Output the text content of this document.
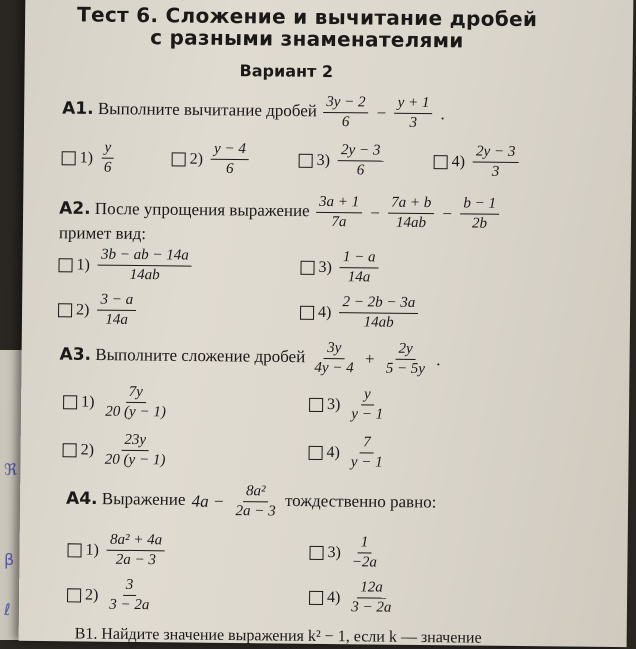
ℜ
β
ℓ
Тест 6. Сложение и вычитание дробей
с разными знаменателями
Вариант 2
А1. Выполните вычитание дробей $\frac{3y - 2}{6} - \frac{y + 1}{3}$ .
$1) \frac{y}{6}$	$2) \frac{y - 4}{6}$	$3) \frac{2y - 3}{6}$	$4) \frac{2y - 3}{3}$
А2. После упрощения выражение $\frac{3a + 1}{7a} - \frac{7a + b}{14ab} - \frac{b - 1}{2b}$
примет вид:
$1) \frac{3b - ab - 14a}{14ab}$	$3) \frac{1 - a}{14a}$
$2) \frac{3 - a}{14a}$	$4) \frac{2 - 2b - 3a}{14ab}$
А3. Выполните сложение дробей $\frac{3y}{4y - 4} + \frac{2y}{5 - 5y}$ .
$1) \frac{7y}{20 (y - 1)}$	$3) \frac{y}{y - 1}$
$2) \frac{23y}{20 (y - 1)}$	$4) \frac{7}{y - 1}$
А4. Выражение $4a - \frac{\text{8a²}}{2a - 3}$ тождественно равно:
$1) \frac{\text{8a² + 4a}}{2a - 3}$	$3) \frac{1}{-2a}$
$2) \frac{3}{3 - 2a}$	$4) \frac{12a}{3 - 2a}$
В1. Найдите значение выражения k² − 1, если k — значение
